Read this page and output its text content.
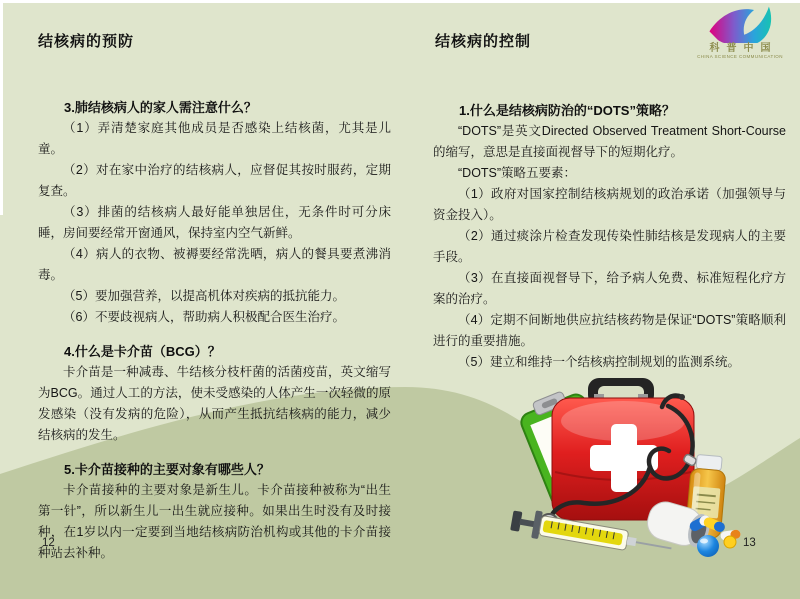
科普中国
CHINA SCIENCE COMMUNICATION
结核病的预防
3.肺结核病人的家人需注意什么？

（1）弄清楚家庭其他成员是否感染上结核菌，尤其是儿童。

（2）对在家中治疗的结核病人，应督促其按时服药，定期复查。

（3）排菌的结核病人最好能单独居住，无条件时可分床睡，房间要经常开窗通风，保持室内空气新鲜。

（4）病人的衣物、被褥要经常洗晒，病人的餐具要煮沸消毒。

（5）要加强营养，以提高机体对疾病的抵抗能力。

（6）不要歧视病人，帮助病人积极配合医生治疗。

4.什么是卡介苗（BCG）？

卡介苗是一种减毒、牛结核分枝杆菌的活菌疫苗，英文缩写为BCG。通过人工的方法，使未受感染的人体产生一次轻微的原发感染（没有发病的危险），从而产生抵抗结核病的能力，减少结核病的发生。

5.卡介苗接种的主要对象有哪些人？

卡介苗接种的主要对象是新生儿。卡介苗接种被称为“出生第一针”，所以新生儿一出生就应接种。如果出生时没有及时接种，在1岁以内一定要到当地结核病防治机构或其他的卡介苗接种站去补种。

12
结核病的控制
1.什么是结核病防治的“DOTS”策略？

“DOTS”是英文Directed Observed Treatment Short-Course的缩写，意思是直接面视督导下的短期化疗。

“DOTS”策略五要素：

（1）政府对国家控制结核病规划的政治承诺（加强领导与资金投入）。

（2）通过痰涂片检查发现传染性肺结核是发现病人的主要手段。

（3）在直接面视督导下，给予病人免费、标准短程化疗方案的治疗。

（4）定期不间断地供应抗结核药物是保证“DOTS”策略顺利进行的重要措施。

（5）建立和维持一个结核病控制规划的监测系统。

13
